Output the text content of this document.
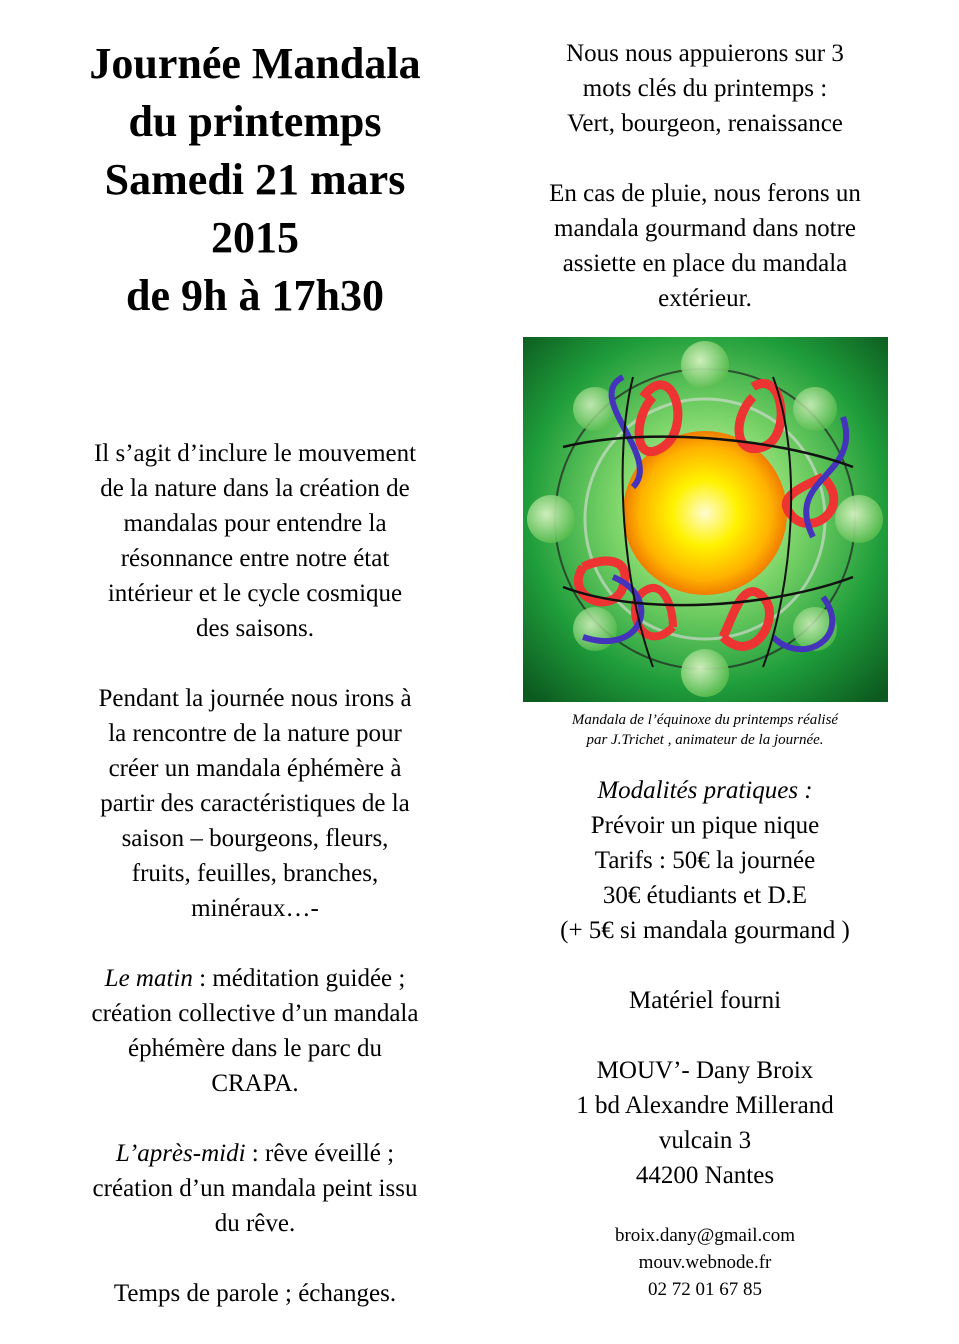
Journée Mandala
du printemps
Samedi 21 mars
2015
de 9h à 17h30
Il s’agit d’inclure le mouvement
de la nature dans la création de
mandalas pour entendre la
résonnance entre notre état
intérieur et le cycle cosmique
des saisons.
Pendant la journée nous irons à
la rencontre de la nature pour
créer un mandala éphémère à
partir des caractéristiques de la
saison – bourgeons, fleurs,
fruits, feuilles, branches,
minéraux…-
Le matin : méditation guidée ;
création collective d’un mandala
éphémère dans le parc du
CRAPA.
L’après-midi : rêve éveillé ;
création d’un mandala peint issu
du rêve.
Temps de parole ; échanges.
Nous nous appuierons sur 3
mots clés du printemps :
Vert, bourgeon, renaissance
En cas de pluie, nous ferons un
mandala gourmand dans notre
assiette en place du mandala
extérieur.
Mandala de l’équinoxe du printemps réalisé
par J.Trichet , animateur de la journée.
Modalités pratiques :
Prévoir un pique nique
Tarifs : 50€ la journée
30€ étudiants et D.E
(+ 5€ si mandala gourmand )
Matériel fourni
MOUV’- Dany Broix
1 bd Alexandre Millerand
vulcain 3
44200 Nantes
broix.dany@gmail.com
mouv.webnode.fr
02 72 01 67 85
